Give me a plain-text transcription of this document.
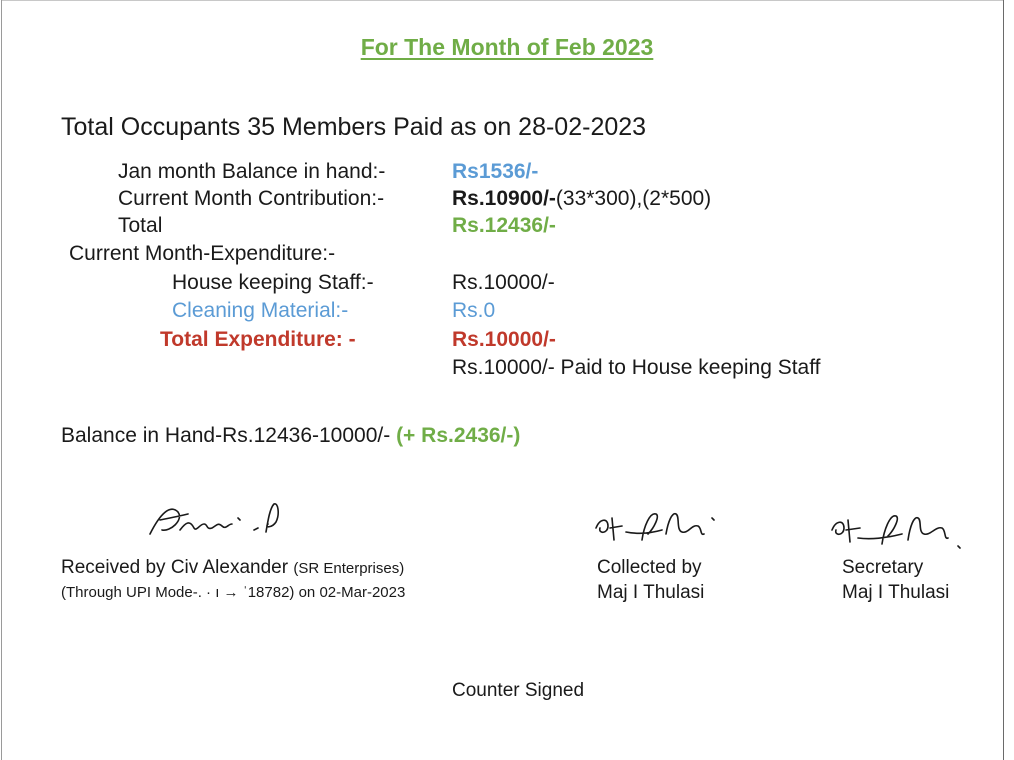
For The Month of Feb 2023
Total Occupants 35 Members Paid as on 28-02-2023
Jan month Balance in hand:-	Rs1536/-
Current Month Contribution:-	Rs.10900/-(33*300),(2*500)
Total	Rs.12436/-
Current Month-Expenditure:-
House keeping Staff:-	Rs.10000/-
Cleaning Material:-	Rs.0
Total Expenditure: -	Rs.10000/-
Rs.10000/- Paid to House keeping Staff
Balance in Hand-Rs.12436-10000/- (+ Rs.2436/-)
Received by Civ Alexander (SR Enterprises)
(Through UPI Mode-. · ı → ˈ18782) on 02-Mar-2023
Collected by
Maj I Thulasi
Secretary
Maj I Thulasi
Counter Signed
